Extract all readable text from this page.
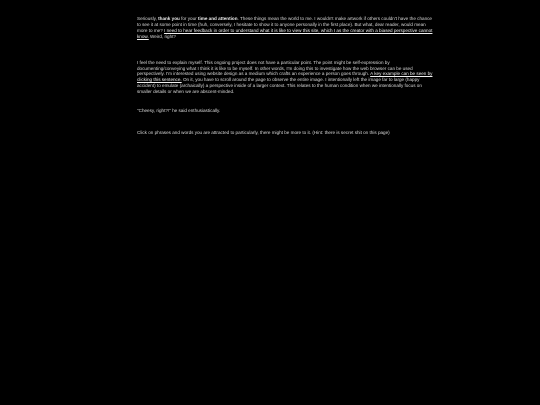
Seriously, thank you for your time and attention. These things mean the world to me. I wouldn't make artwork if others couldn't have the chance to see it at some point in time (huh, conversely, I hesitate to show it to anyone personally in the first place). But what, dear reader, would mean more to me? I need to hear feedback in order to understand what it is like to view this site, which I as the creator with a biased perspective cannot know. Weird, right?

I feel the need to explain myself. This ongoing project does not have a particular point. The point might be self-expression by documenting/conveying what I think it is like to be myself. In other words, I'm doing this to investigate how the web browser can be used perspectively. I'm interested using website design as a medium which crafts an experience a person goes through. A key example can be seen by clicking this sentence. On it, you have to scroll around the page to observe the entire image. I intentionally left the image far to large (happy accident) to emulate (archaically) a perspective inside of a larger context. This relates to the human condition when we intentionally focus on smaller details or when we are abscent-minded.

"Cheesy, right?!" he said enthusiastically.

Click on phrases and words you are attracted to particularly, there might be more to it. (Hint: there is secret shit on this page)
